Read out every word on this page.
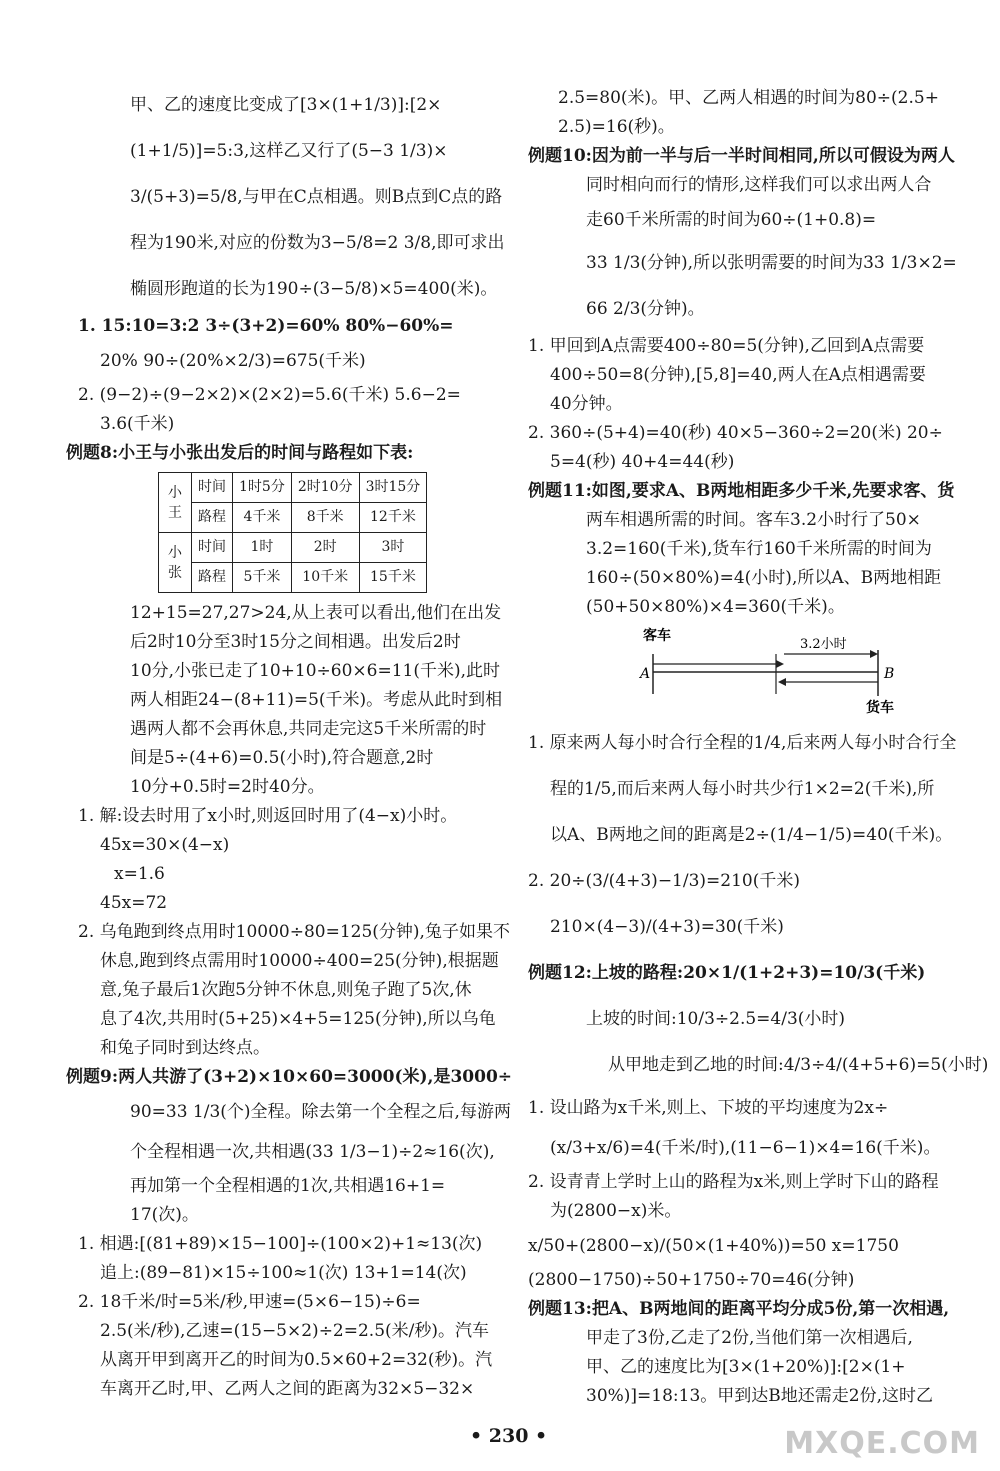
甲、乙的速度比变成了[3×(1+1/3)]:[2×
(1+1/5)]=5:3,这样乙又行了(5−3 1/3)×
3/(5+3)=5/8,与甲在C点相遇。则B点到C点的路
程为190米,对应的份数为3−5/8=2 3/8,即可求出
椭圆形跑道的长为190÷(3−5/8)×5=400(米)。
1. 15:10=3:2 3÷(3+2)=60% 80%−60%=
20% 90÷(20%×2/3)=675(千米)
2. (9−2)÷(9−2×2)×(2×2)=5.6(千米) 5.6−2=
3.6(千米)
例题8:小王与小张出发后的时间与路程如下表:
小王	时间	1时5分	2时10分	3时15分
	路程	4千米	8千米	12千米
小张	时间	1时	2时	3时
	路程	5千米	10千米	15千米
12+15=27,27>24,从上表可以看出,他们在出发
后2时10分至3时15分之间相遇。出发后2时
10分,小张已走了10+10÷60×6=11(千米),此时
两人相距24−(8+11)=5(千米)。考虑从此时到相
遇两人都不会再休息,共同走完这5千米所需的时
间是5÷(4+6)=0.5(小时),符合题意,2时
10分+0.5时=2时40分。
1. 解:设去时用了x小时,则返回时用了(4−x)小时。
45x=30×(4−x)
x=1.6
45x=72
2. 乌龟跑到终点用时10000÷80=125(分钟),兔子如果不
休息,跑到终点需用时10000÷400=25(分钟),根据题
意,兔子最后1次跑5分钟不休息,则兔子跑了5次,休
息了4次,共用时(5+25)×4+5=125(分钟),所以乌龟
和兔子同时到达终点。
例题9:两人共游了(3+2)×10×60=3000(米),是3000÷
90=33 1/3(个)全程。除去第一个全程之后,每游两
个全程相遇一次,共相遇(33 1/3−1)÷2≈16(次),
再加第一个全程相遇的1次,共相遇16+1=
17(次)。
1. 相遇:[(81+89)×15−100]÷(100×2)+1≈13(次)
追上:(89−81)×15÷100≈1(次) 13+1=14(次)
2. 18千米/时=5米/秒,甲速=(5×6−15)÷6=
2.5(米/秒),乙速=(15−5×2)÷2=2.5(米/秒)。汽车
从离开甲到离开乙的时间为0.5×60+2=32(秒)。汽
车离开乙时,甲、乙两人之间的距离为32×5−32×
2.5=80(米)。甲、乙两人相遇的时间为80÷(2.5+
2.5)=16(秒)。
例题10:因为前一半与后一半时间相同,所以可假设为两人
同时相向而行的情形,这样我们可以求出两人合
走60千米所需的时间为60÷(1+0.8)=
33 1/3(分钟),所以张明需要的时间为33 1/3×2=
66 2/3(分钟)。
1. 甲回到A点需要400÷80=5(分钟),乙回到A点需要
400÷50=8(分钟),[5,8]=40,两人在A点相遇需要
40分钟。
2. 360÷(5+4)=40(秒) 40×5−360÷2=20(米) 20÷
5=4(秒) 40+4=44(秒)
例题11:如图,要求A、B两地相距多少千米,先要求客、货
两车相遇所需的时间。客车3.2小时行了50×
3.2=160(千米),货车行160千米所需的时间为
160÷(50×80%)=4(小时),所以A、B两地相距
(50+50×80%)×4=360(千米)。
客车
3.2小时
A	B
货车
1. 原来两人每小时合行全程的1/4,后来两人每小时合行全
程的1/5,而后来两人每小时共少行1×2=2(千米),所
以A、B两地之间的距离是2÷(1/4−1/5)=40(千米)。
2. 20÷(3/(4+3)−1/3)=210(千米)
210×(4−3)/(4+3)=30(千米)
例题12:上坡的路程:20×1/(1+2+3)=10/3(千米)
上坡的时间:10/3÷2.5=4/3(小时)
从甲地走到乙地的时间:4/3÷4/(4+5+6)=5(小时)
1. 设山路为x千米,则上、下坡的平均速度为2x÷
(x/3+x/6)=4(千米/时),(11−6−1)×4=16(千米)。
2. 设青青上学时上山的路程为x米,则上学时下山的路程
为(2800−x)米。
x/50+(2800−x)/(50×(1+40%))=50 x=1750
(2800−1750)÷50+1750÷70=46(分钟)
例题13:把A、B两地间的距离平均分成5份,第一次相遇,
甲走了3份,乙走了2份,当他们第一次相遇后,
甲、乙的速度比为[3×(1+20%)]:[2×(1+
30%)]=18:13。甲到达B地还需走2份,这时乙
• 230 •	MXQE.COM
